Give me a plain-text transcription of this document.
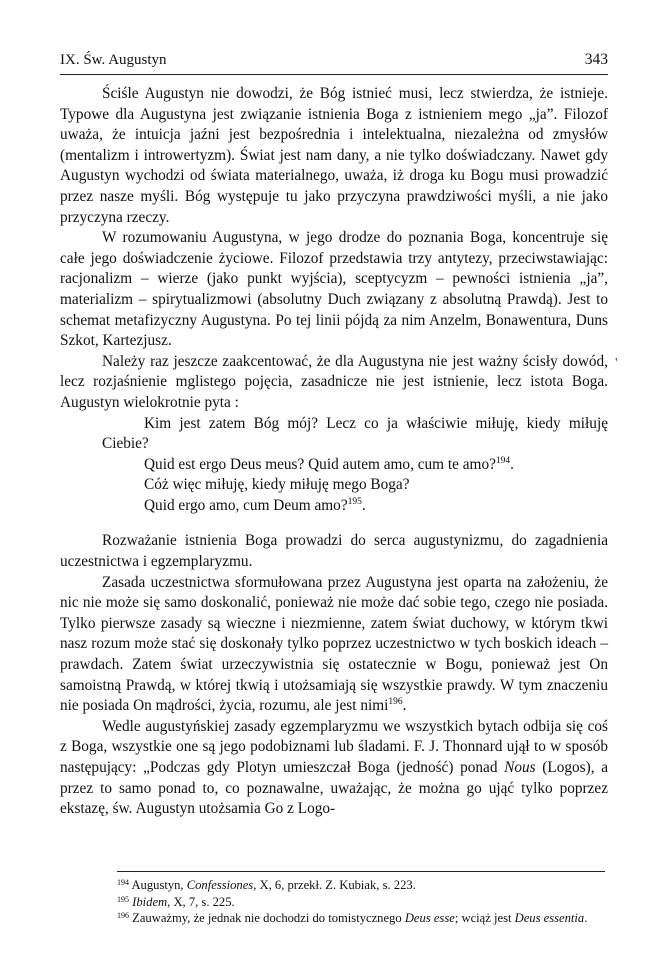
IX. Św. Augustyn	343

Ściśle Augustyn nie dowodzi, że Bóg istnieć musi, lecz stwierdza, że istnieje. Typowe dla Augustyna jest związanie istnienia Boga z istnieniem mego „ja”. Filozof uważa, że intuicja jaźni jest bezpośrednia i intelektualna, niezależna od zmysłów (mentalizm i introwertyzm). Świat jest nam dany, a nie tylko doświadczany. Nawet gdy Augustyn wychodzi od świata materialnego, uważa, iż droga ku Bogu musi prowadzić przez nasze myśli. Bóg występuje tu jako przyczyna prawdziwości myśli, a nie jako przyczyna rzeczy.

W rozumowaniu Augustyna, w jego drodze do poznania Boga, koncentruje się całe jego doświadczenie życiowe. Filozof przedstawia trzy antytezy, przeciwstawiając: racjonalizm – wierze (jako punkt wyjścia), sceptycyzm – pewności istnienia „ja”, materializm – spirytualizmowi (absolutny Duch związany z absolutną Prawdą). Jest to schemat metafizyczny Augustyna. Po tej linii pójdą za nim Anzelm, Bonawentura, Duns Szkot, Kartezjusz.

Należy raz jeszcze zaakcentować, że dla Augustyna nie jest ważny ścisły dowód, lecz rozjaśnienie mglistego pojęcia, zasadnicze nie jest istnienie, lecz istota Boga. Augustyn wielokrotnie pyta :

Kim jest zatem Bóg mój? Lecz co ja właściwie miłuję, kiedy miłuję Ciebie?

Quid est ergo Deus meus? Quid autem amo, cum te amo?$^{194}$.

Cóż więc miłuję, kiedy miłuję mego Boga?

Quid ergo amo, cum Deum amo?$^{195}$.

Rozważanie istnienia Boga prowadzi do serca augustynizmu, do zagadnienia uczestnictwa i egzemplaryzmu.

Zasada uczestnictwa sformułowana przez Augustyna jest oparta na założeniu, że nic nie może się samo doskonalić, ponieważ nie może dać sobie tego, czego nie posiada. Tylko pierwsze zasady są wieczne i niezmienne, zatem świat duchowy, w którym tkwi nasz rozum może stać się doskonały tylko poprzez uczestnictwo w tych boskich ideach – prawdach. Zatem świat urzeczywistnia się ostatecznie w Bogu, ponieważ jest On samoistną Prawdą, w której tkwią i utożsamiają się wszystkie prawdy. W tym znaczeniu nie posiada On mądrości, życia, rozumu, ale jest nimi$^{196}$.

Wedle augustyńskiej zasady egzemplaryzmu we wszystkich bytach odbija się coś z Boga, wszystkie one są jego podobiznami lub śladami. F. J. Thonnard ujął to w sposób następujący: „Podczas gdy Plotyn umieszczał Boga (jedność) ponad Nous (Logos), a przez to samo ponad to, co poznawalne, uważając, że można go ująć tylko poprzez ekstazę, św. Augustyn utożsamia Go z Logo-

'

$^{194}$ Augustyn, Confessiones, X, 6, przekł. Z. Kubiak, s. 223.

$^{195}$ Ibidem, X, 7, s. 225.

$^{196}$ Zauważmy, że jednak nie dochodzi do tomistycznego Deus esse; wciąż jest Deus essentia.
